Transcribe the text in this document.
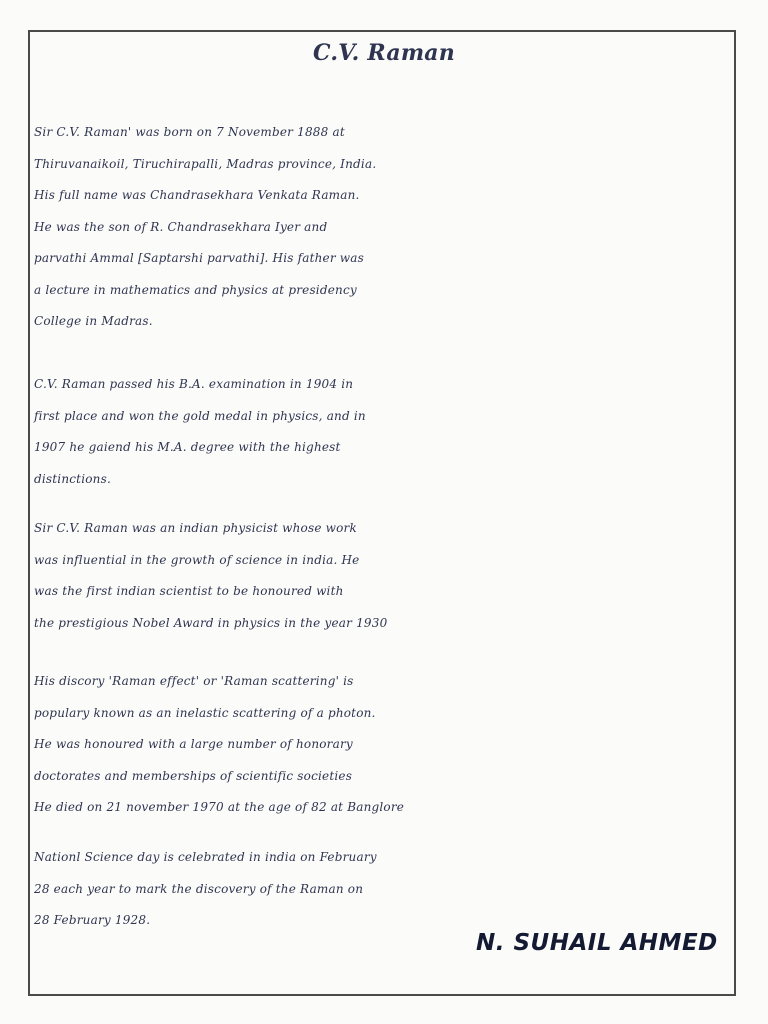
C.V. Raman
Sir C.V. Raman' was born on 7 November 1888 at
Thiruvanaikoil, Tiruchirapalli, Madras province, India.
His full name was Chandrasekhara Venkata Raman.
He was the son of R. Chandrasekhara Iyer and
parvathi Ammal [Saptarshi parvathi]. His father was
a lecture in mathematics and physics at presidency
College in Madras.
C.V. Raman passed his B.A. examination in 1904 in
first place and won the gold medal in physics, and in
1907 he gaiend his M.A. degree with the highest
distinctions.
Sir C.V. Raman was an indian physicist whose work
was influential in the growth of science in india. He
was the first indian scientist to be honoured with
the prestigious Nobel Award in physics in the year 1930
His discory 'Raman effect' or 'Raman scattering' is
populary known as an inelastic scattering of a photon.
He was honoured with a large number of honorary
doctorates and memberships of scientific societies
He died on 21 november 1970 at the age of 82 at Banglore
Nationl Science day is celebrated in india on February
28 each year to mark the discovery of the Raman on
28 February 1928.

N. SUHAIL AHMED
